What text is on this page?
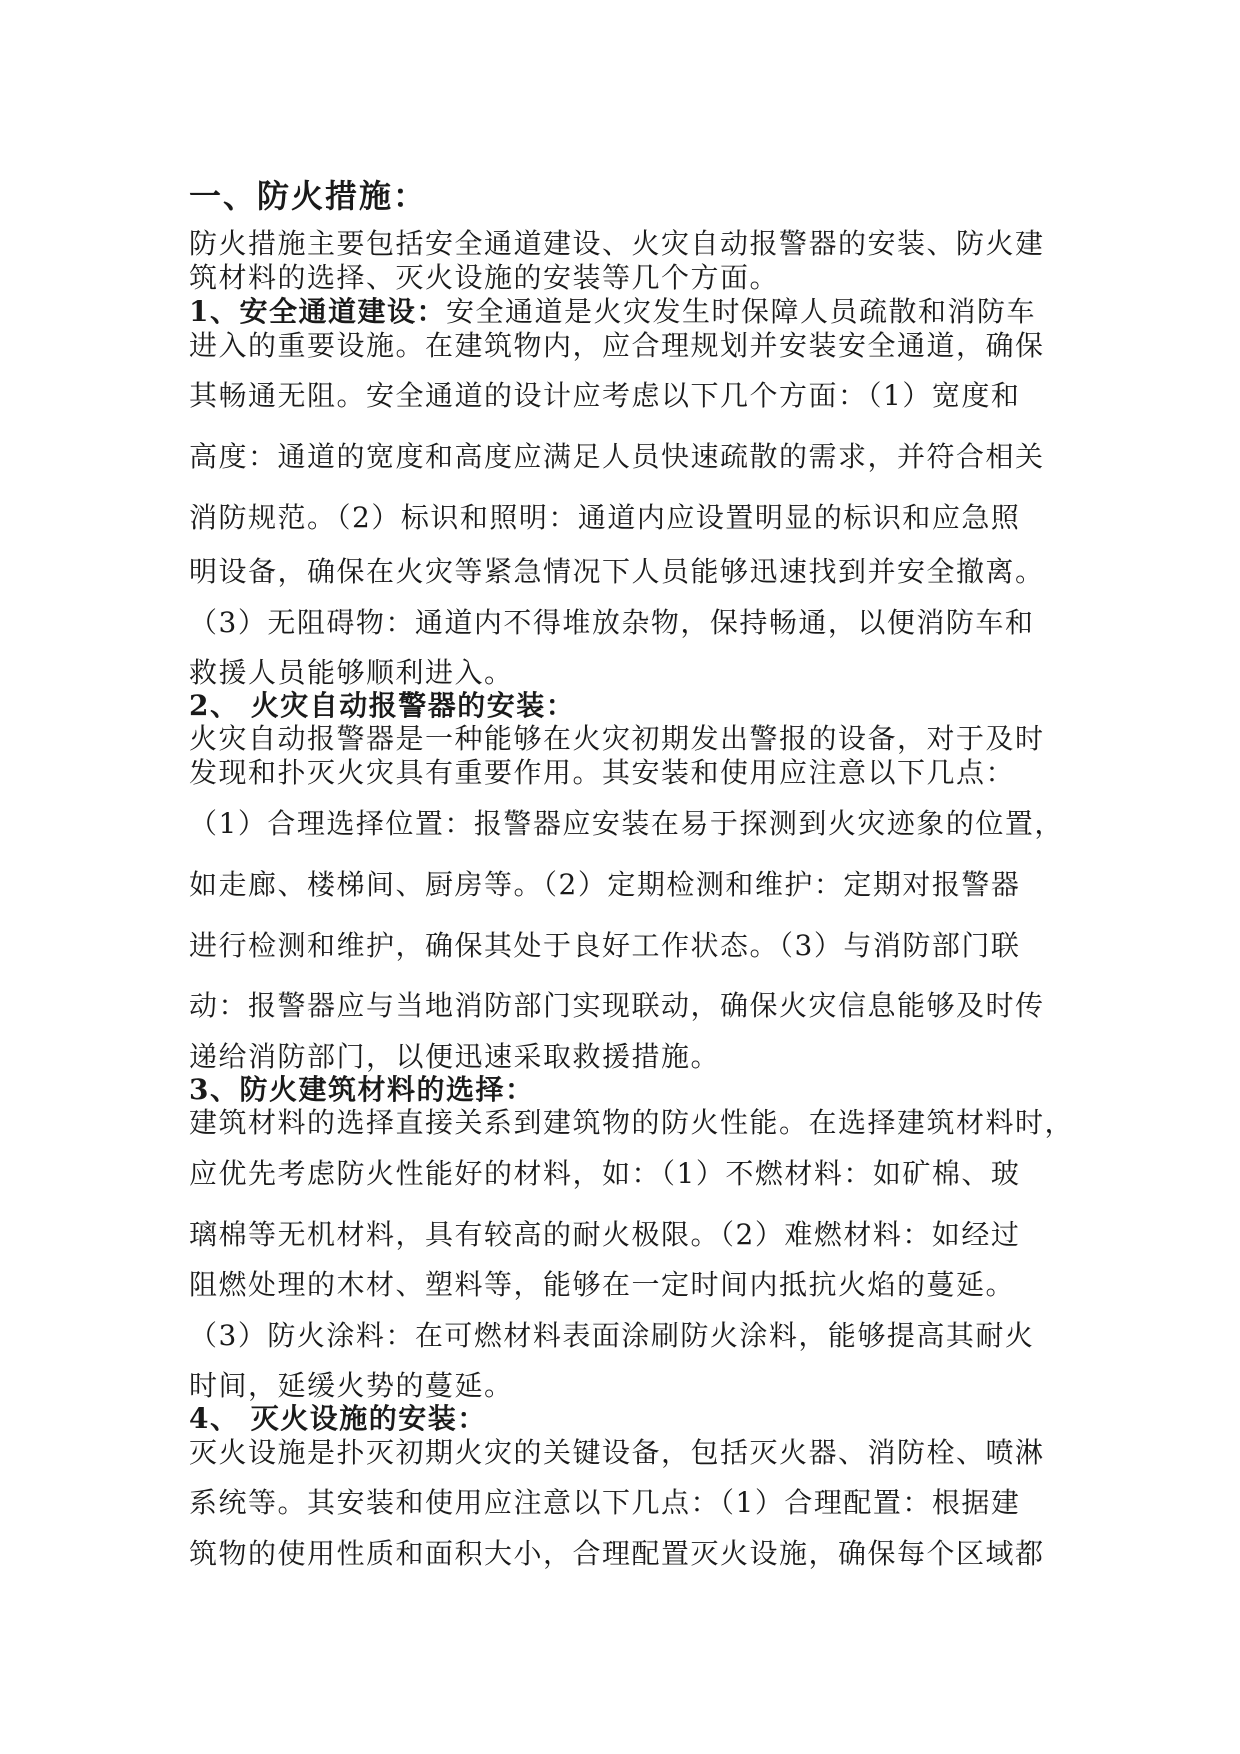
一、防火措施：
防火措施主要包括安全通道建设、火灾自动报警器的安装、防火建
筑材料的选择、灭火设施的安装等几个方面。
1、安全通道建设：安全通道是火灾发生时保障人员疏散和消防车
进入的重要设施。在建筑物内，应合理规划并安装安全通道，确保
其畅通无阻。安全通道的设计应考虑以下几个方面：（1）宽度和
高度：通道的宽度和高度应满足人员快速疏散的需求，并符合相关
消防规范。（2）标识和照明：通道内应设置明显的标识和应急照
明设备，确保在火灾等紧急情况下人员能够迅速找到并安全撤离。
（3）无阻碍物：通道内不得堆放杂物，保持畅通，以便消防车和
救援人员能够顺利进入。
2、 火灾自动报警器的安装：
火灾自动报警器是一种能够在火灾初期发出警报的设备，对于及时
发现和扑灭火灾具有重要作用。其安装和使用应注意以下几点：
（1）合理选择位置：报警器应安装在易于探测到火灾迹象的位置，
如走廊、楼梯间、厨房等。（2）定期检测和维护：定期对报警器
进行检测和维护，确保其处于良好工作状态。（3）与消防部门联
动：报警器应与当地消防部门实现联动，确保火灾信息能够及时传
递给消防部门，以便迅速采取救援措施。
3、防火建筑材料的选择：
建筑材料的选择直接关系到建筑物的防火性能。在选择建筑材料时，
应优先考虑防火性能好的材料，如：（1）不燃材料：如矿棉、玻
璃棉等无机材料，具有较高的耐火极限。（2）难燃材料：如经过
阻燃处理的木材、塑料等，能够在一定时间内抵抗火焰的蔓延。
（3）防火涂料：在可燃材料表面涂刷防火涂料，能够提高其耐火
时间，延缓火势的蔓延。
4、 灭火设施的安装：
灭火设施是扑灭初期火灾的关键设备，包括灭火器、消防栓、喷淋
系统等。其安装和使用应注意以下几点：（1）合理配置：根据建
筑物的使用性质和面积大小，合理配置灭火设施，确保每个区域都
